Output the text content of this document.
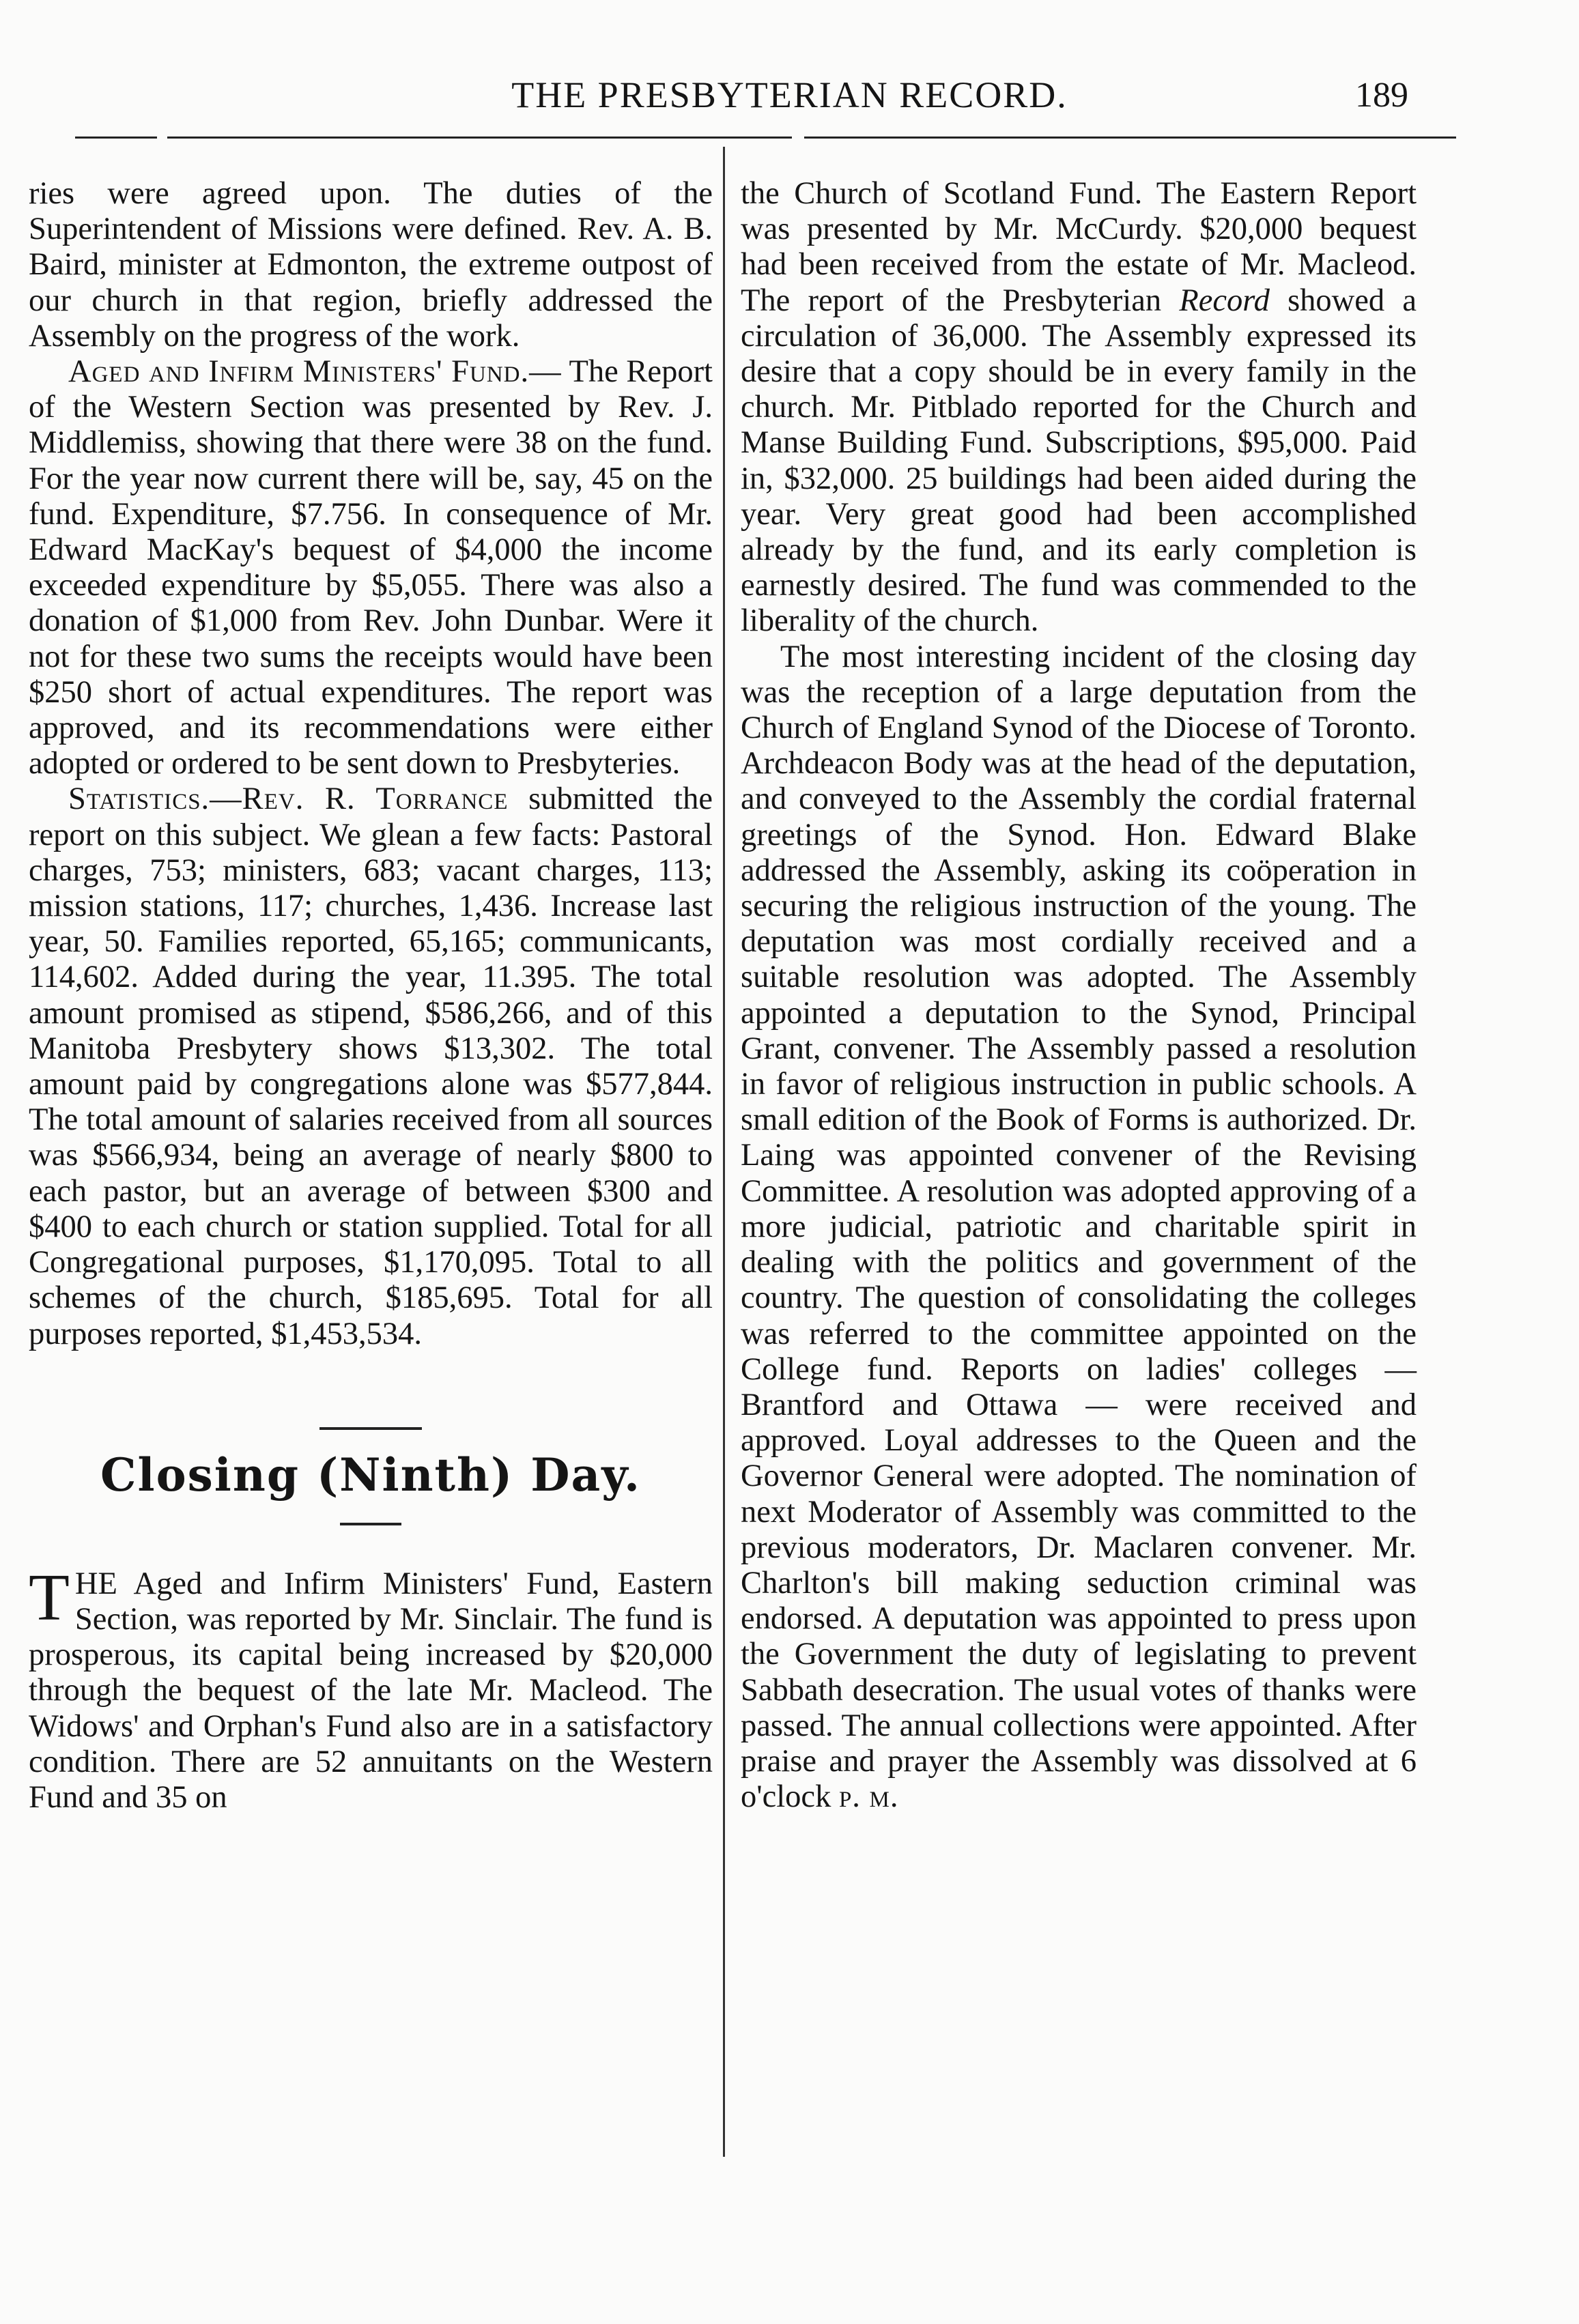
THE PRESBYTERIAN RECORD.	189

ries were agreed upon. The duties of the Superintendent of Missions were defined. Rev. A. B. Baird, minister at Edmonton, the extreme outpost of our church in that region, briefly addressed the Assembly on the progress of the work.

Aged and Infirm Ministers' Fund.— The Report of the Western Section was presented by Rev. J. Middlemiss, showing that there were 38 on the fund. For the year now current there will be, say, 45 on the fund. Expenditure, $7.756. In consequence of Mr. Edward MacKay's bequest of $4,000 the income exceeded expenditure by $5,055. There was also a donation of $1,000 from Rev. John Dunbar. Were it not for these two sums the receipts would have been $250 short of actual expenditures. The report was approved, and its recommendations were either adopted or ordered to be sent down to Presbyteries.

Statistics.—Rev. R. Torrance submitted the report on this subject. We glean a few facts: Pastoral charges, 753; ministers, 683; vacant charges, 113; mission stations, 117; churches, 1,436. Increase last year, 50. Families reported, 65,165; communicants, 114,602. Added during the year, 11.395. The total amount promised as stipend, $586,266, and of this Manitoba Presbytery shows $13,302. The total amount paid by congregations alone was $577,844. The total amount of salaries received from all sources was $566,934, being an average of nearly $800 to each pastor, but an average of between $300 and $400 to each church or station supplied. Total for all Congregational purposes, $1,170,095. Total to all schemes of the church, $185,695. Total for all purposes reported, $1,453,534.

Closing (Ninth) Day.

THE Aged and Infirm Ministers' Fund, Eastern Section, was reported by Mr. Sinclair. The fund is prosperous, its capital being increased by $20,000 through the bequest of the late Mr. Macleod. The Widows' and Orphan's Fund also are in a satisfactory condition. There are 52 annuitants on the Western Fund and 35 on

the Church of Scotland Fund. The Eastern Report was presented by Mr. McCurdy. $20,000 bequest had been received from the estate of Mr. Macleod. The report of the Presbyterian Record showed a circulation of 36,000. The Assembly expressed its desire that a copy should be in every family in the church. Mr. Pitblado reported for the Church and Manse Building Fund. Subscriptions, $95,000. Paid in, $32,000. 25 buildings had been aided during the year. Very great good had been accomplished already by the fund, and its early completion is earnestly desired. The fund was commended to the liberality of the church.

The most interesting incident of the closing day was the reception of a large deputation from the Church of England Synod of the Diocese of Toronto. Archdeacon Body was at the head of the deputation, and conveyed to the Assembly the cordial fraternal greetings of the Synod. Hon. Edward Blake addressed the Assembly, asking its coöperation in securing the religious instruction of the young. The deputation was most cordially received and a suitable resolution was adopted. The Assembly appointed a deputation to the Synod, Principal Grant, convener. The Assembly passed a resolution in favor of religious instruction in public schools. A small edition of the Book of Forms is authorized. Dr. Laing was appointed convener of the Revising Committee. A resolution was adopted approving of a more judicial, patriotic and charitable spirit in dealing with the politics and government of the country. The question of consolidating the colleges was referred to the committee appointed on the College fund. Reports on ladies' colleges — Brantford and Ottawa — were received and approved. Loyal addresses to the Queen and the Governor General were adopted. The nomination of next Moderator of Assembly was committed to the previous moderators, Dr. Maclaren convener. Mr. Charlton's bill making seduction criminal was endorsed. A deputation was appointed to press upon the Government the duty of legislating to prevent Sabbath desecration. The usual votes of thanks were passed. The annual collections were appointed. After praise and prayer the Assembly was dissolved at 6 o'clock p. m.
